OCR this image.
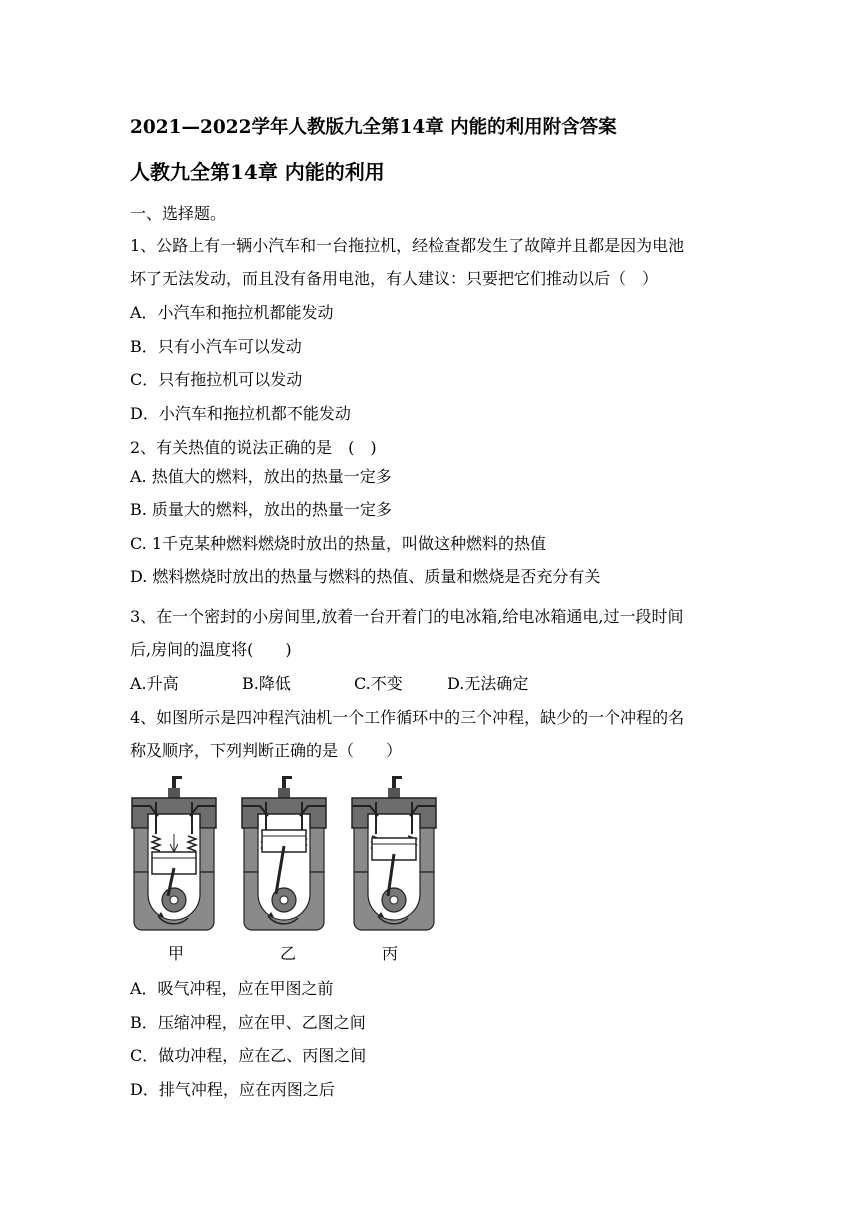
2021—2022学年人教版九全第14章 内能的利用附含答案
人教九全第14章 内能的利用
一、选择题。
1、公路上有一辆小汽车和一台拖拉机，经检查都发生了故障并且都是因为电池
坏了无法发动，而且没有备用电池，有人建议：只要把它们推动以后（　）
A．小汽车和拖拉机都能发动
B．只有小汽车可以发动
C．只有拖拉机可以发动
D．小汽车和拖拉机都不能发动
2、有关热值的说法正确的是　(　)
A. 热值大的燃料，放出的热量一定多
B. 质量大的燃料，放出的热量一定多
C. 1千克某种燃料燃烧时放出的热量，叫做这种燃料的热值
D. 燃料燃烧时放出的热量与燃料的热值、质量和燃烧是否充分有关
3、在一个密封的小房间里,放着一台开着门的电冰箱,给电冰箱通电,过一段时间
后,房间的温度将(　　)
A.升高	B.降低	C.不变	D.无法确定
4、如图所示是四冲程汽油机一个工作循环中的三个冲程，缺少的一个冲程的名
称及顺序，下列判断正确的是（　　）
甲	乙	丙
A．吸气冲程，应在甲图之前
B．压缩冲程，应在甲、乙图之间
C．做功冲程，应在乙、丙图之间
D．排气冲程，应在丙图之后
